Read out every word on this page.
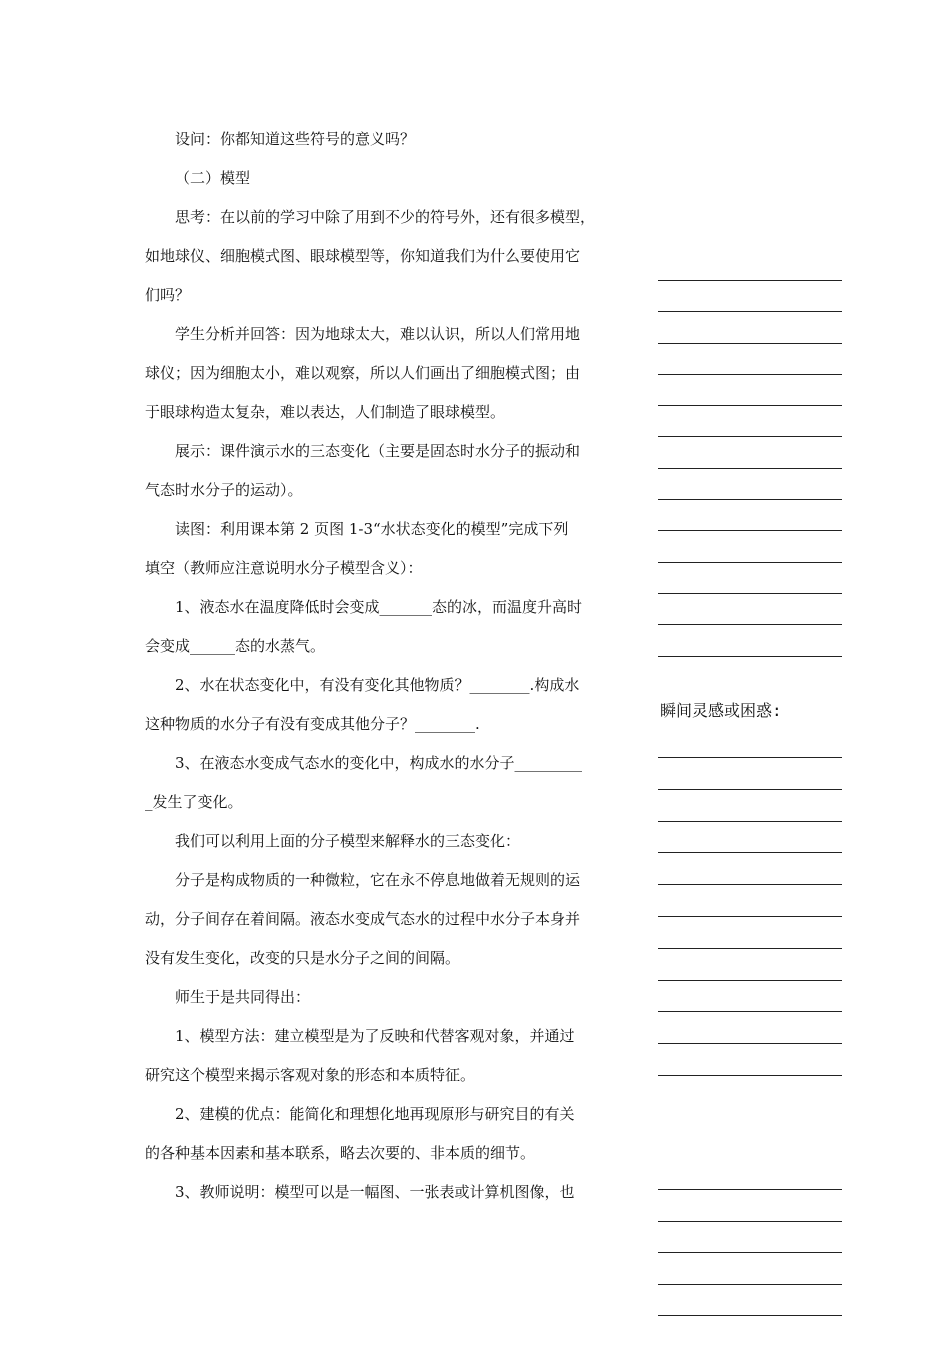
设问：你都知道这些符号的意义吗？
（二）模型
思考：在以前的学习中除了用到不少的符号外，还有很多模型，
如地球仪、细胞模式图、眼球模型等，你知道我们为什么要使用它
们吗？
学生分析并回答：因为地球太大，难以认识，所以人们常用地
球仪；因为细胞太小，难以观察，所以人们画出了细胞模式图；由
于眼球构造太复杂，难以表达，人们制造了眼球模型。
展示：课件演示水的三态变化（主要是固态时水分子的振动和
气态时水分子的运动）。
读图：利用课本第 2 页图 1-3“水状态变化的模型”完成下列
填空（教师应注意说明水分子模型含义）：
1、液态水在温度降低时会变成_______态的冰，而温度升高时
会变成______态的水蒸气。
2、水在状态变化中，有没有变化其他物质？________.构成水
这种物质的水分子有没有变成其他分子？________.
3、在液态水变成气态水的变化中，构成水的水分子_________
_发生了变化。
我们可以利用上面的分子模型来解释水的三态变化：
分子是构成物质的一种微粒，它在永不停息地做着无规则的运
动，分子间存在着间隔。液态水变成气态水的过程中水分子本身并
没有发生变化，改变的只是水分子之间的间隔。
师生于是共同得出：
1、模型方法：建立模型是为了反映和代替客观对象，并通过
研究这个模型来揭示客观对象的形态和本质特征。
2、建模的优点：能简化和理想化地再现原形与研究目的有关
的各种基本因素和基本联系，略去次要的、非本质的细节。
3、教师说明：模型可以是一幅图、一张表或计算机图像，也
瞬间灵感或困惑:
